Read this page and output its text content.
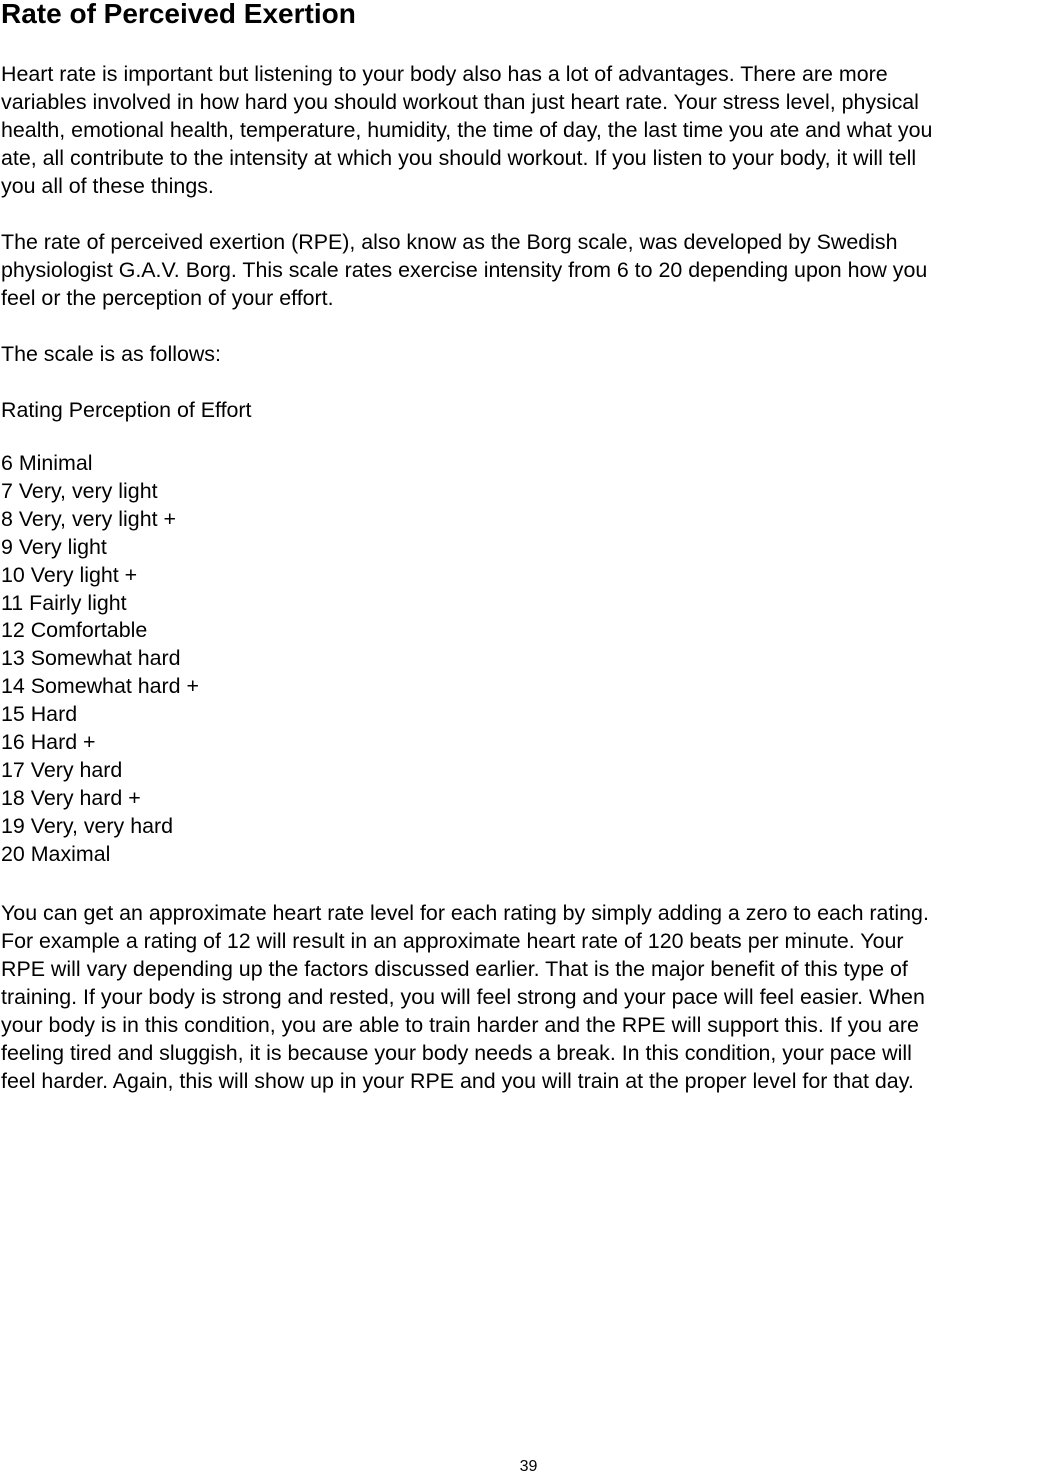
Rate of Perceived Exertion

Heart rate is important but listening to your body also has a lot of advantages. There are more
variables involved in how hard you should workout than just heart rate. Your stress level, physical
health, emotional health, temperature, humidity, the time of day, the last time you ate and what you
ate, all contribute to the intensity at which you should workout. If you listen to your body, it will tell
you all of these things.

The rate of perceived exertion (RPE), also know as the Borg scale, was developed by Swedish
physiologist G.A.V. Borg. This scale rates exercise intensity from 6 to 20 depending upon how you
feel or the perception of your effort.

The scale is as follows:

Rating Perception of Effort

6 Minimal
7 Very, very light
8 Very, very light +
9 Very light
10 Very light +
11 Fairly light
12 Comfortable
13 Somewhat hard
14 Somewhat hard +
15 Hard
16 Hard +
17 Very hard
18 Very hard +
19 Very, very hard
20 Maximal

You can get an approximate heart rate level for each rating by simply adding a zero to each rating.
For example a rating of 12 will result in an approximate heart rate of 120 beats per minute. Your
RPE will vary depending up the factors discussed earlier. That is the major benefit of this type of
training. If your body is strong and rested, you will feel strong and your pace will feel easier. When
your body is in this condition, you are able to train harder and the RPE will support this. If you are
feeling tired and sluggish, it is because your body needs a break. In this condition, your pace will
feel harder. Again, this will show up in your RPE and you will train at the proper level for that day.

39
